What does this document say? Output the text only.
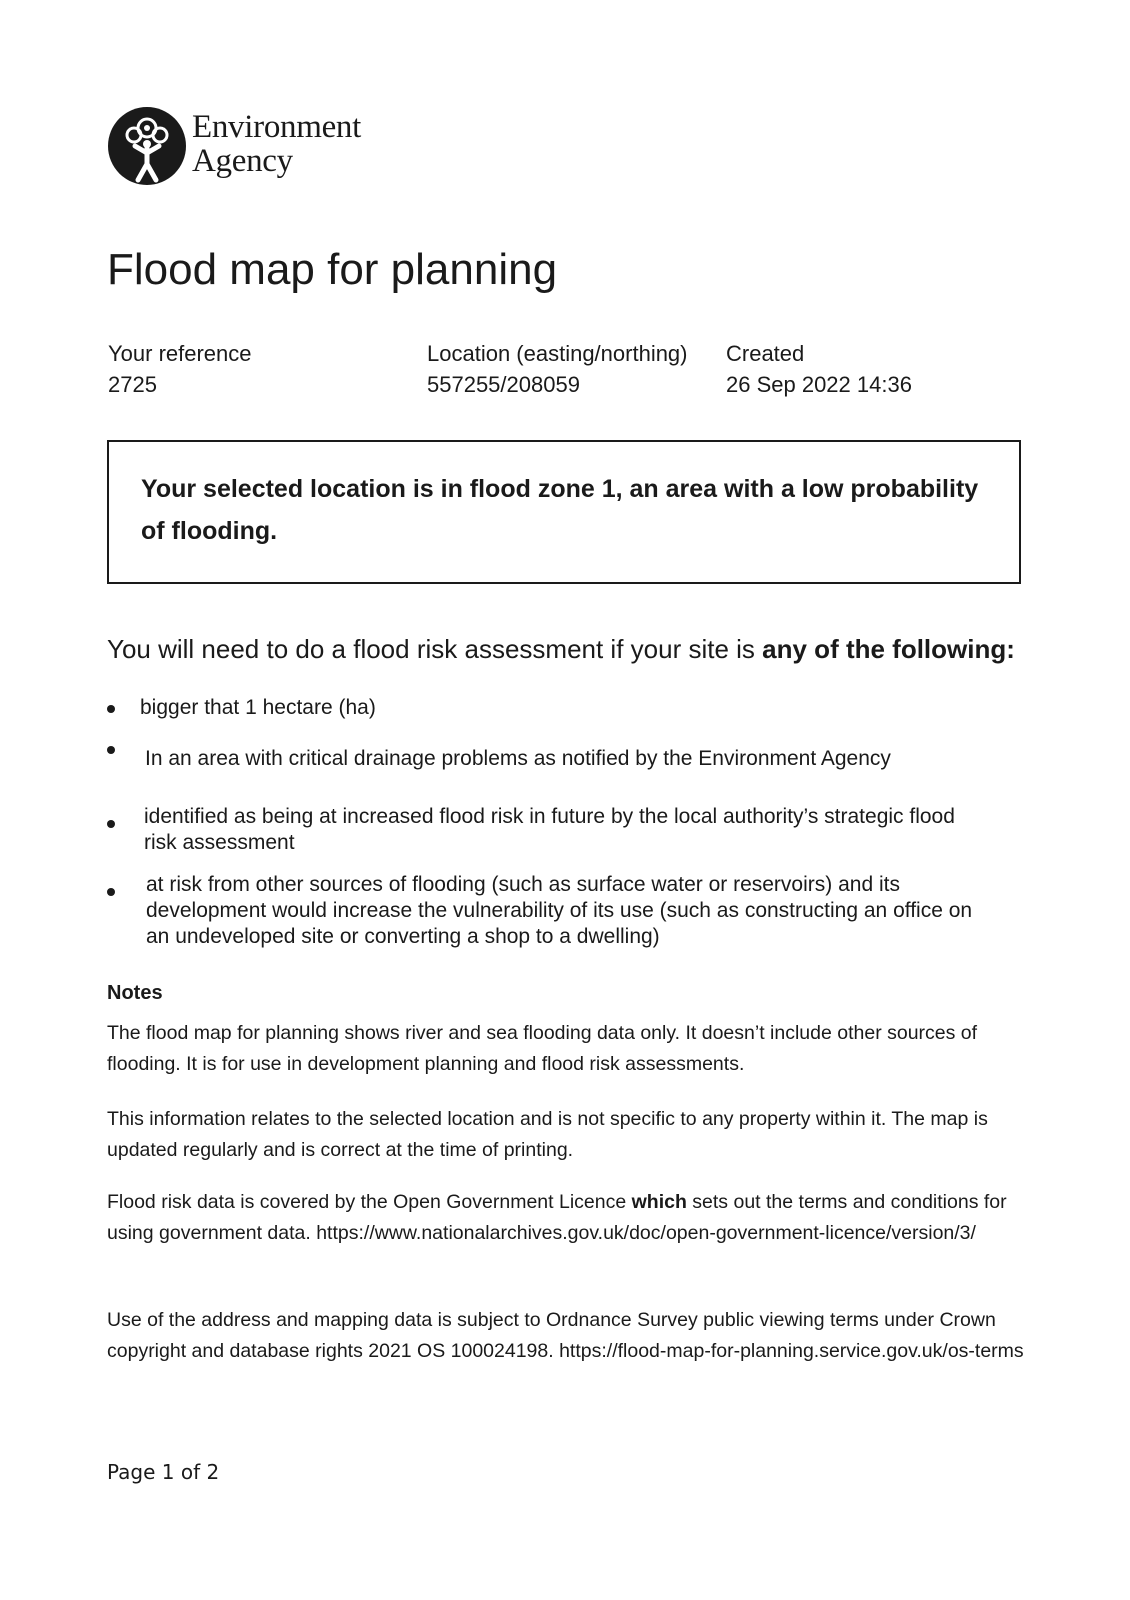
Environment
Agency
Flood map for planning
Your reference
2725
Location (easting/northing)
557255/208059
Created
26 Sep 2022 14:36

Your selected location is in flood zone 1, an area with a low probability of flooding.

You will need to do a flood risk assessment if your site is any of the following:

bigger that 1 hectare (ha)
In an area with critical drainage problems as notified by the Environment Agency
identified as being at increased flood risk in future by the local authority’s strategic flood risk assessment
at risk from other sources of flooding (such as surface water or reservoirs) and its development would increase the vulnerability of its use (such as constructing an office on an undeveloped site or converting a shop to a dwelling)
Notes

The flood map for planning shows river and sea flooding data only. It doesn’t include other sources of flooding. It is for use in development planning and flood risk assessments.

This information relates to the selected location and is not specific to any property within it. The map is updated regularly and is correct at the time of printing.

Flood risk data is covered by the Open Government Licence which sets out the terms and conditions for using government data. https://www.nationalarchives.gov.uk/doc/open-government-licence/version/3/

Use of the address and mapping data is subject to Ordnance Survey public viewing terms under Crown copyright and database rights 2021 OS 100024198. https://flood-map-for-planning.service.gov.uk/os-terms

Page 1 of 2
